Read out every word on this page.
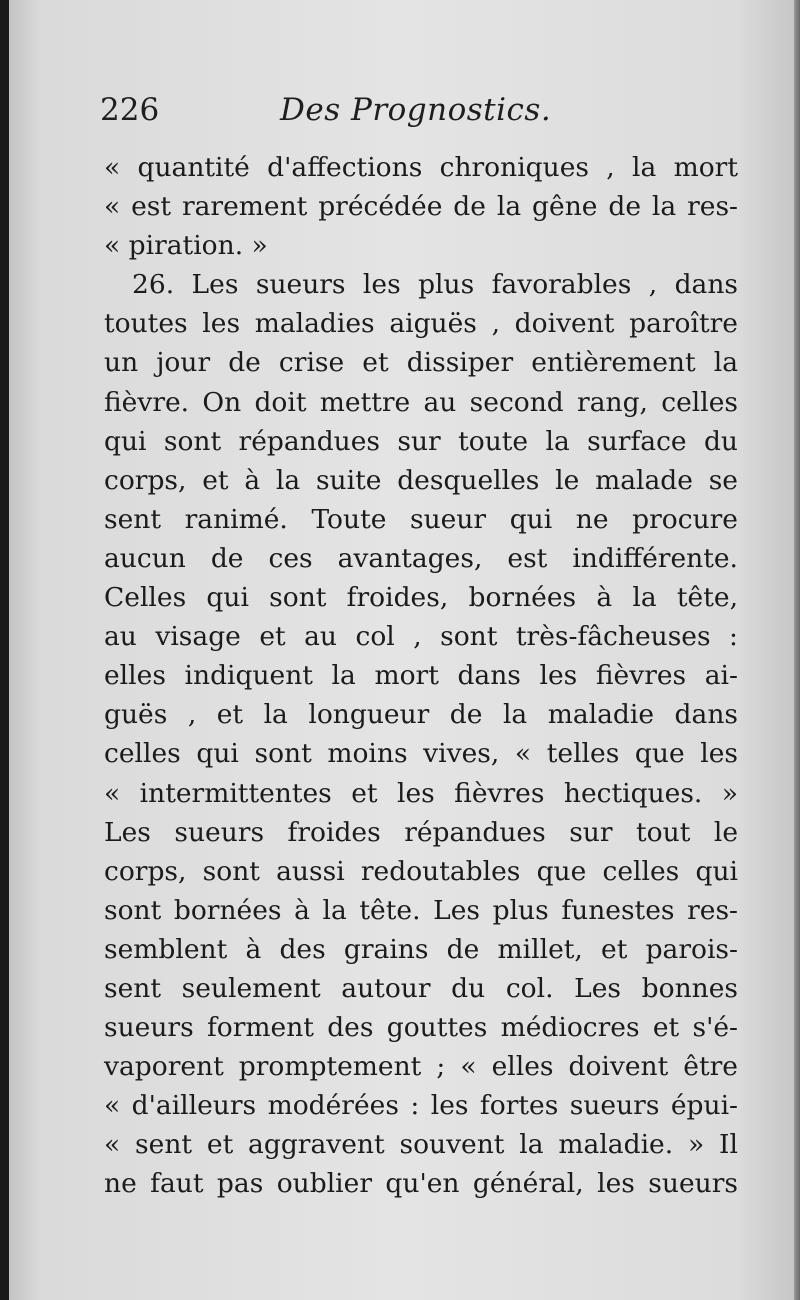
226	Des Prognostics.
« quantité d'affections chroniques , la mort
« est rarement précédée de la gêne de la res-
« piration. »
26. Les sueurs les plus favorables , dans
toutes les maladies aiguës , doivent paroître
un jour de crise et dissiper entièrement la
fièvre. On doit mettre au second rang, celles
qui sont répandues sur toute la surface du
corps, et à la suite desquelles le malade se
sent ranimé. Toute sueur qui ne procure
aucun de ces avantages, est indifférente.
Celles qui sont froides, bornées à la tête,
au visage et au col , sont très-fâcheuses :
elles indiquent la mort dans les fièvres ai-
guës , et la longueur de la maladie dans
celles qui sont moins vives, « telles que les
« intermittentes et les fièvres hectiques. »
Les sueurs froides répandues sur tout le
corps, sont aussi redoutables que celles qui
sont bornées à la tête. Les plus funestes res-
semblent à des grains de millet, et parois-
sent seulement autour du col. Les bonnes
sueurs forment des gouttes médiocres et s'é-
vaporent promptement ; « elles doivent être
« d'ailleurs modérées : les fortes sueurs épui-
« sent et aggravent souvent la maladie. » Il
ne faut pas oublier qu'en général, les sueurs
